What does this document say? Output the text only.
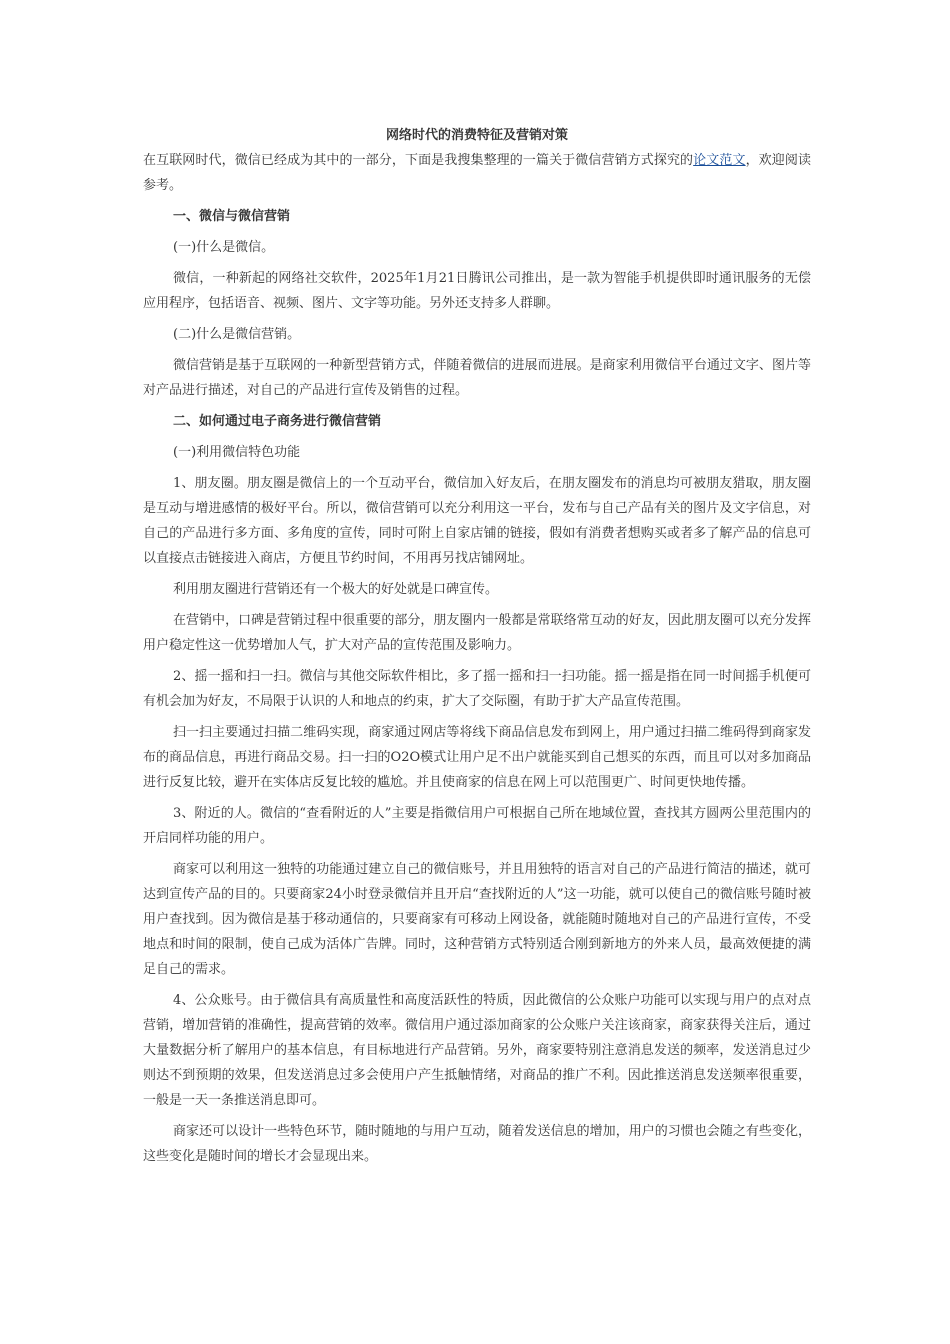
网络时代的消费特征及营销对策
在互联网时代，微信已经成为其中的一部分，下面是我搜集整理的一篇关于微信营销方式探究的论文范文，欢迎阅读参考。
一、微信与微信营销
(一)什么是微信。
微信，一种新起的网络社交软件，2025年1月21日腾讯公司推出，是一款为智能手机提供即时通讯服务的无偿应用程序，包括语音、视频、图片、文字等功能。另外还支持多人群聊。
(二)什么是微信营销。
微信营销是基于互联网的一种新型营销方式，伴随着微信的进展而进展。是商家利用微信平台通过文字、图片等对产品进行描述，对自己的产品进行宣传及销售的过程。
二、如何通过电子商务进行微信营销
(一)利用微信特色功能
1、朋友圈。朋友圈是微信上的一个互动平台，微信加入好友后，在朋友圈发布的消息均可被朋友猎取，朋友圈是互动与增进感情的极好平台。所以，微信营销可以充分利用这一平台，发布与自己产品有关的图片及文字信息，对自己的产品进行多方面、多角度的宣传，同时可附上自家店铺的链接，假如有消费者想购买或者多了解产品的信息可以直接点击链接进入商店，方便且节约时间，不用再另找店铺网址。
利用朋友圈进行营销还有一个极大的好处就是口碑宣传。
在营销中，口碑是营销过程中很重要的部分，朋友圈内一般都是常联络常互动的好友，因此朋友圈可以充分发挥用户稳定性这一优势增加人气，扩大对产品的宣传范围及影响力。
2、摇一摇和扫一扫。微信与其他交际软件相比，多了摇一摇和扫一扫功能。摇一摇是指在同一时间摇手机便可有机会加为好友，不局限于认识的人和地点的约束，扩大了交际圈，有助于扩大产品宣传范围。
扫一扫主要通过扫描二维码实现，商家通过网店等将线下商品信息发布到网上，用户通过扫描二维码得到商家发布的商品信息，再进行商品交易。扫一扫的O2O模式让用户足不出户就能买到自己想买的东西，而且可以对多加商品进行反复比较，避开在实体店反复比较的尴尬。并且使商家的信息在网上可以范围更广、时间更快地传播。
3、附近的人。微信的“查看附近的人”主要是指微信用户可根据自己所在地域位置，查找其方圆两公里范围内的开启同样功能的用户。
商家可以利用这一独特的功能通过建立自己的微信账号，并且用独特的语言对自己的产品进行简洁的描述，就可达到宣传产品的目的。只要商家24小时登录微信并且开启“查找附近的人”这一功能，就可以使自己的微信账号随时被用户查找到。因为微信是基于移动通信的，只要商家有可移动上网设备，就能随时随地对自己的产品进行宣传，不受地点和时间的限制，使自己成为活体广告牌。同时，这种营销方式特别适合刚到新地方的外来人员，最高效便捷的满足自己的需求。
4、公众账号。由于微信具有高质量性和高度活跃性的特质，因此微信的公众账户功能可以实现与用户的点对点营销，增加营销的准确性，提高营销的效率。微信用户通过添加商家的公众账户关注该商家，商家获得关注后，通过大量数据分析了解用户的基本信息，有目标地进行产品营销。另外，商家要特别注意消息发送的频率，发送消息过少则达不到预期的效果，但发送消息过多会使用户产生抵触情绪，对商品的推广不利。因此推送消息发送频率很重要，一般是一天一条推送消息即可。
商家还可以设计一些特色环节，随时随地的与用户互动，随着发送信息的增加，用户的习惯也会随之有些变化，这些变化是随时间的增长才会显现出来。
